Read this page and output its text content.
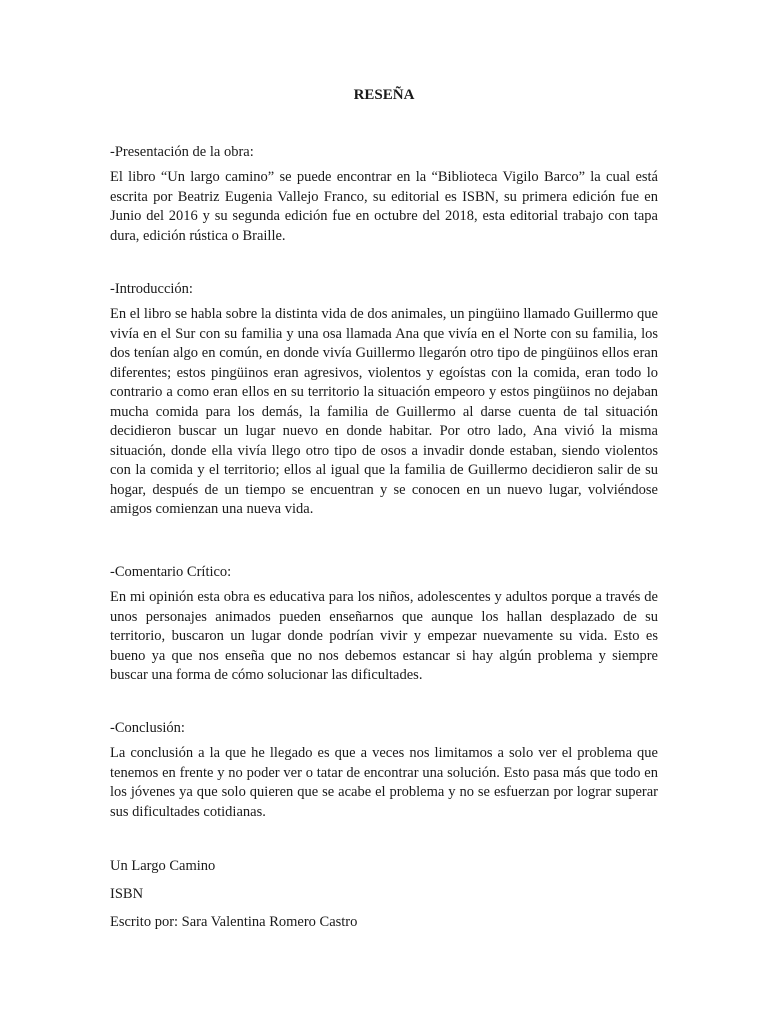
RESEÑA

-Presentación de la obra:

El libro “Un largo camino” se puede encontrar en la “Biblioteca Vigilo Barco” la cual está escrita por Beatriz Eugenia Vallejo Franco, su editorial es ISBN, su primera edición fue en Junio del 2016 y su segunda edición fue en octubre del 2018, esta editorial trabajo con tapa dura, edición rústica o Braille.

-Introducción:

En el libro se habla sobre la distinta vida de dos animales, un pingüino llamado Guillermo que vivía en el Sur con su familia y una osa llamada Ana que vivía en el Norte con su familia, los dos tenían algo en común, en donde vivía Guillermo llegarón otro tipo de pingüinos ellos eran diferentes; estos pingüinos eran agresivos, violentos y egoístas con la comida, eran todo lo contrario a como eran ellos en su territorio la situación empeoro y estos pingüinos no dejaban mucha comida para los demás, la familia de Guillermo al darse cuenta de tal situación decidieron buscar un lugar nuevo en donde habitar. Por otro lado, Ana vivió la misma situación, donde ella vivía llego otro tipo de osos a invadir donde estaban, siendo violentos con la comida y el territorio; ellos al igual que la familia de Guillermo decidieron salir de su hogar, después de un tiempo se encuentran y se conocen en un nuevo lugar, volviéndose amigos comienzan una nueva vida.

-Comentario Crítico:

En mi opinión esta obra es educativa para los niños, adolescentes y adultos porque a través de unos personajes animados pueden enseñarnos que aunque los hallan desplazado de su territorio, buscaron un lugar donde podrían vivir y empezar nuevamente su vida. Esto es bueno ya que nos enseña que no nos debemos estancar si hay algún problema y siempre buscar una forma de cómo solucionar las dificultades.

-Conclusión:

La conclusión a la que he llegado es que a veces nos limitamos a solo ver el problema que tenemos en frente y no poder ver o tatar de encontrar una solución. Esto pasa más que todo en los jóvenes ya que solo quieren que se acabe el problema y no se esfuerzan por lograr superar sus dificultades cotidianas.

Un Largo Camino
ISBN
Escrito por: Sara Valentina Romero Castro
